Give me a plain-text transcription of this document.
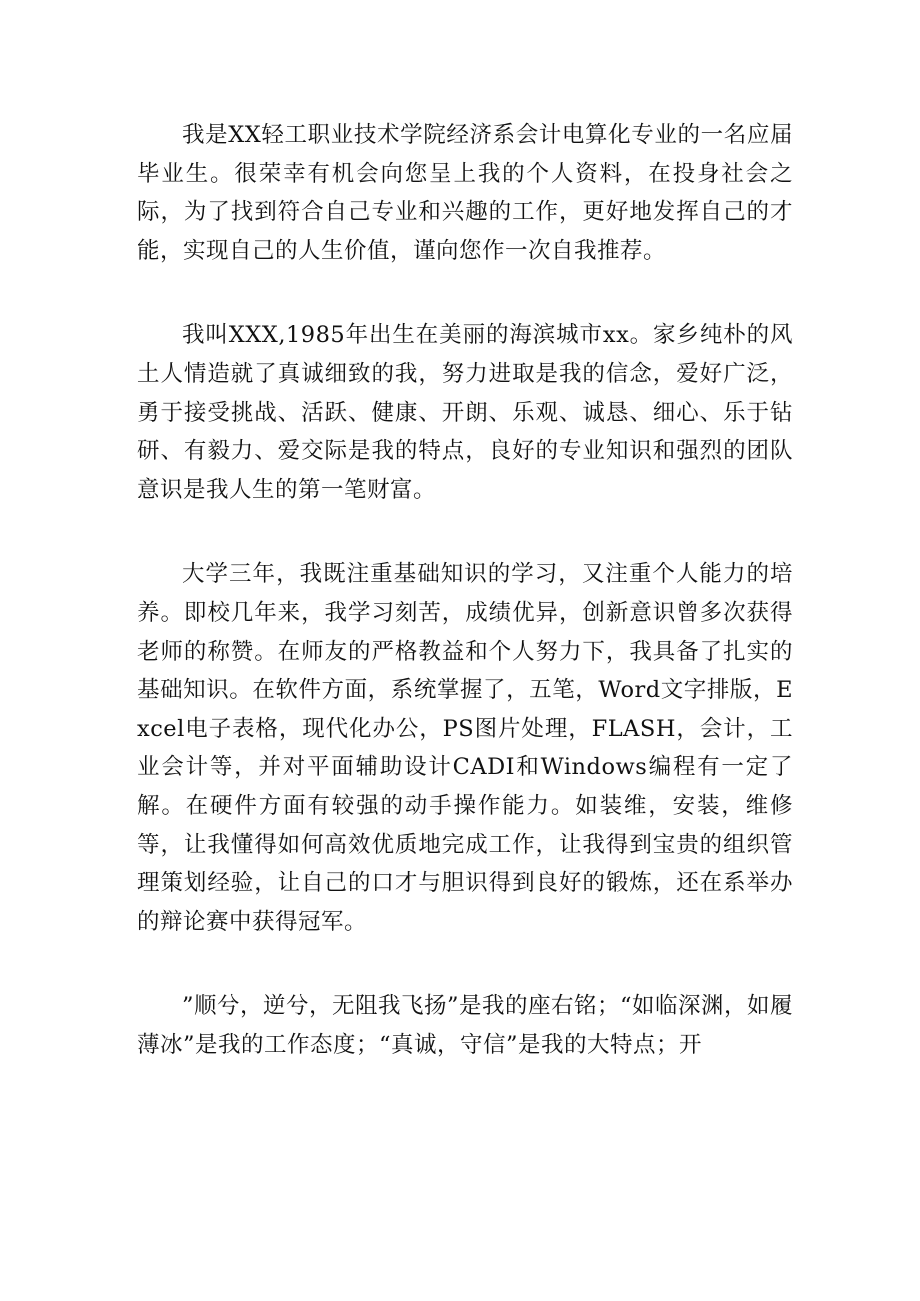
我是XX轻工职业技术学院经济系会计电算化专业的一名应届毕业生。很荣幸有机会向您呈上我的个人资料，在投身社会之际，为了找到符合自己专业和兴趣的工作，更好地发挥自己的才能，实现自己的人生价值，谨向您作一次自我推荐。

我叫XXX,1985年出生在美丽的海滨城市xx。家乡纯朴的风土人情造就了真诚细致的我，努力进取是我的信念，爱好广泛，勇于接受挑战、活跃、健康、开朗、乐观、诚恳、细心、乐于钻研、有毅力、爱交际是我的特点，良好的专业知识和强烈的团队意识是我人生的第一笔财富。

大学三年，我既注重基础知识的学习，又注重个人能力的培养。即校几年来，我学习刻苦，成绩优异，创新意识曾多次获得老师的称赞。在师友的严格教益和个人努力下，我具备了扎实的基础知识。在软件方面，系统掌握了，五笔，Word文字排版，Excel电子表格，现代化办公，PS图片处理，FLASH，会计，工业会计等，并对平面辅助设计CADI和Windows编程有一定了解。在硬件方面有较强的动手操作能力。如装维，安装，维修等，让我懂得如何高效优质地完成工作，让我得到宝贵的组织管理策划经验，让自己的口才与胆识得到良好的锻炼，还在系举办的辩论赛中获得冠军。

”顺兮，逆兮，无阻我飞扬”是我的座右铭；“如临深渊，如履薄冰”是我的工作态度；“真诚，守信”是我的大特点；开
